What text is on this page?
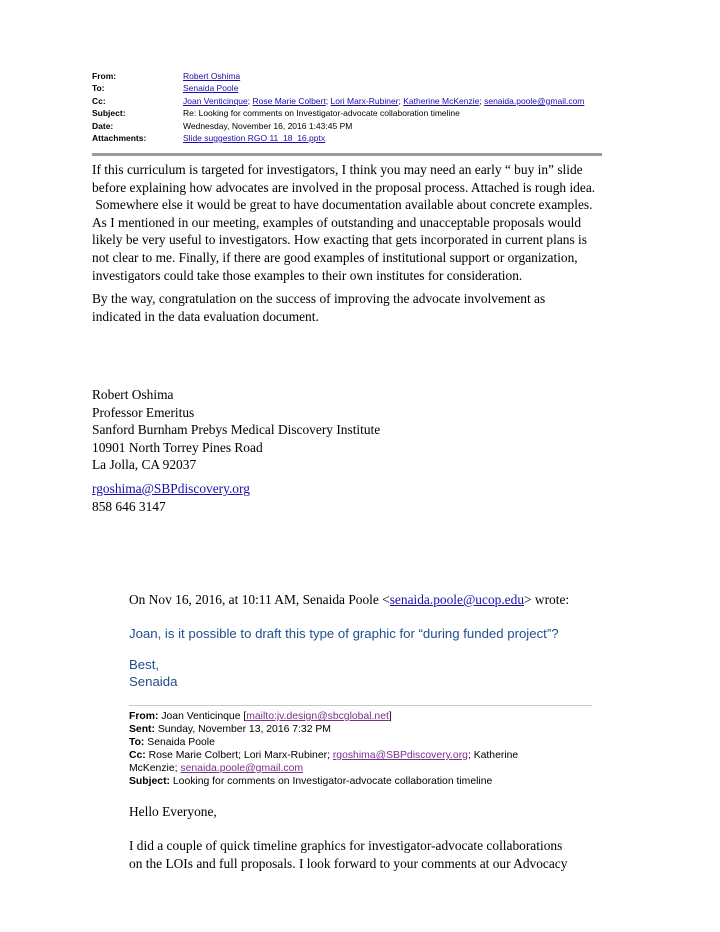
From:	Robert Oshima
To:	Senaida Poole
Cc:	Joan Venticinque; Rose Marie Colbert; Lori Marx-Rubiner; Katherine McKenzie; senaida.poole@gmail.com
Subject:	Re: Looking for comments on Investigator-advocate collaboration timeline
Date:	Wednesday, November 16, 2016 1:43:45 PM
Attachments:	Slide suggestion RGO 11_18_16.pptx

If this curriculum is targeted for investigators, I think you may need an early “ buy in” slide

before explaining how advocates are involved in the proposal process. Attached is rough idea.

Somewhere else it would be great to have documentation available about concrete examples.

As I mentioned in our meeting, examples of outstanding and unacceptable proposals would

likely be very useful to investigators. How exacting that gets incorporated in current plans is

not clear to me. Finally, if there are good examples of institutional support or organization,

investigators could take those examples to their own institutes for consideration.

By the way, congratulation on the success of improving the advocate involvement as

indicated in the data evaluation document.

Robert Oshima

Professor Emeritus

Sanford Burnham Prebys Medical Discovery Institute

10901 North Torrey Pines Road

La Jolla, CA 92037

rgoshima@SBPdiscovery.org

858 646 3147

On Nov 16, 2016, at 10:11 AM, Senaida Poole <senaida.poole@ucop.edu> wrote:
Joan, is it possible to draft this type of graphic for “during funded project”?
Best,
Senaida
From: Joan Venticinque [mailto:jv.design@sbcglobal.net]
Sent: Sunday, November 13, 2016 7:32 PM
To: Senaida Poole
Cc: Rose Marie Colbert; Lori Marx-Rubiner; rgoshima@SBPdiscovery.org; Katherine
McKenzie; senaida.poole@gmail.com
Subject: Looking for comments on Investigator-advocate collaboration timeline
Hello Everyone,
I did a couple of quick timeline graphics for investigator-advocate collaborations
on the LOIs and full proposals. I look forward to your comments at our Advocacy
